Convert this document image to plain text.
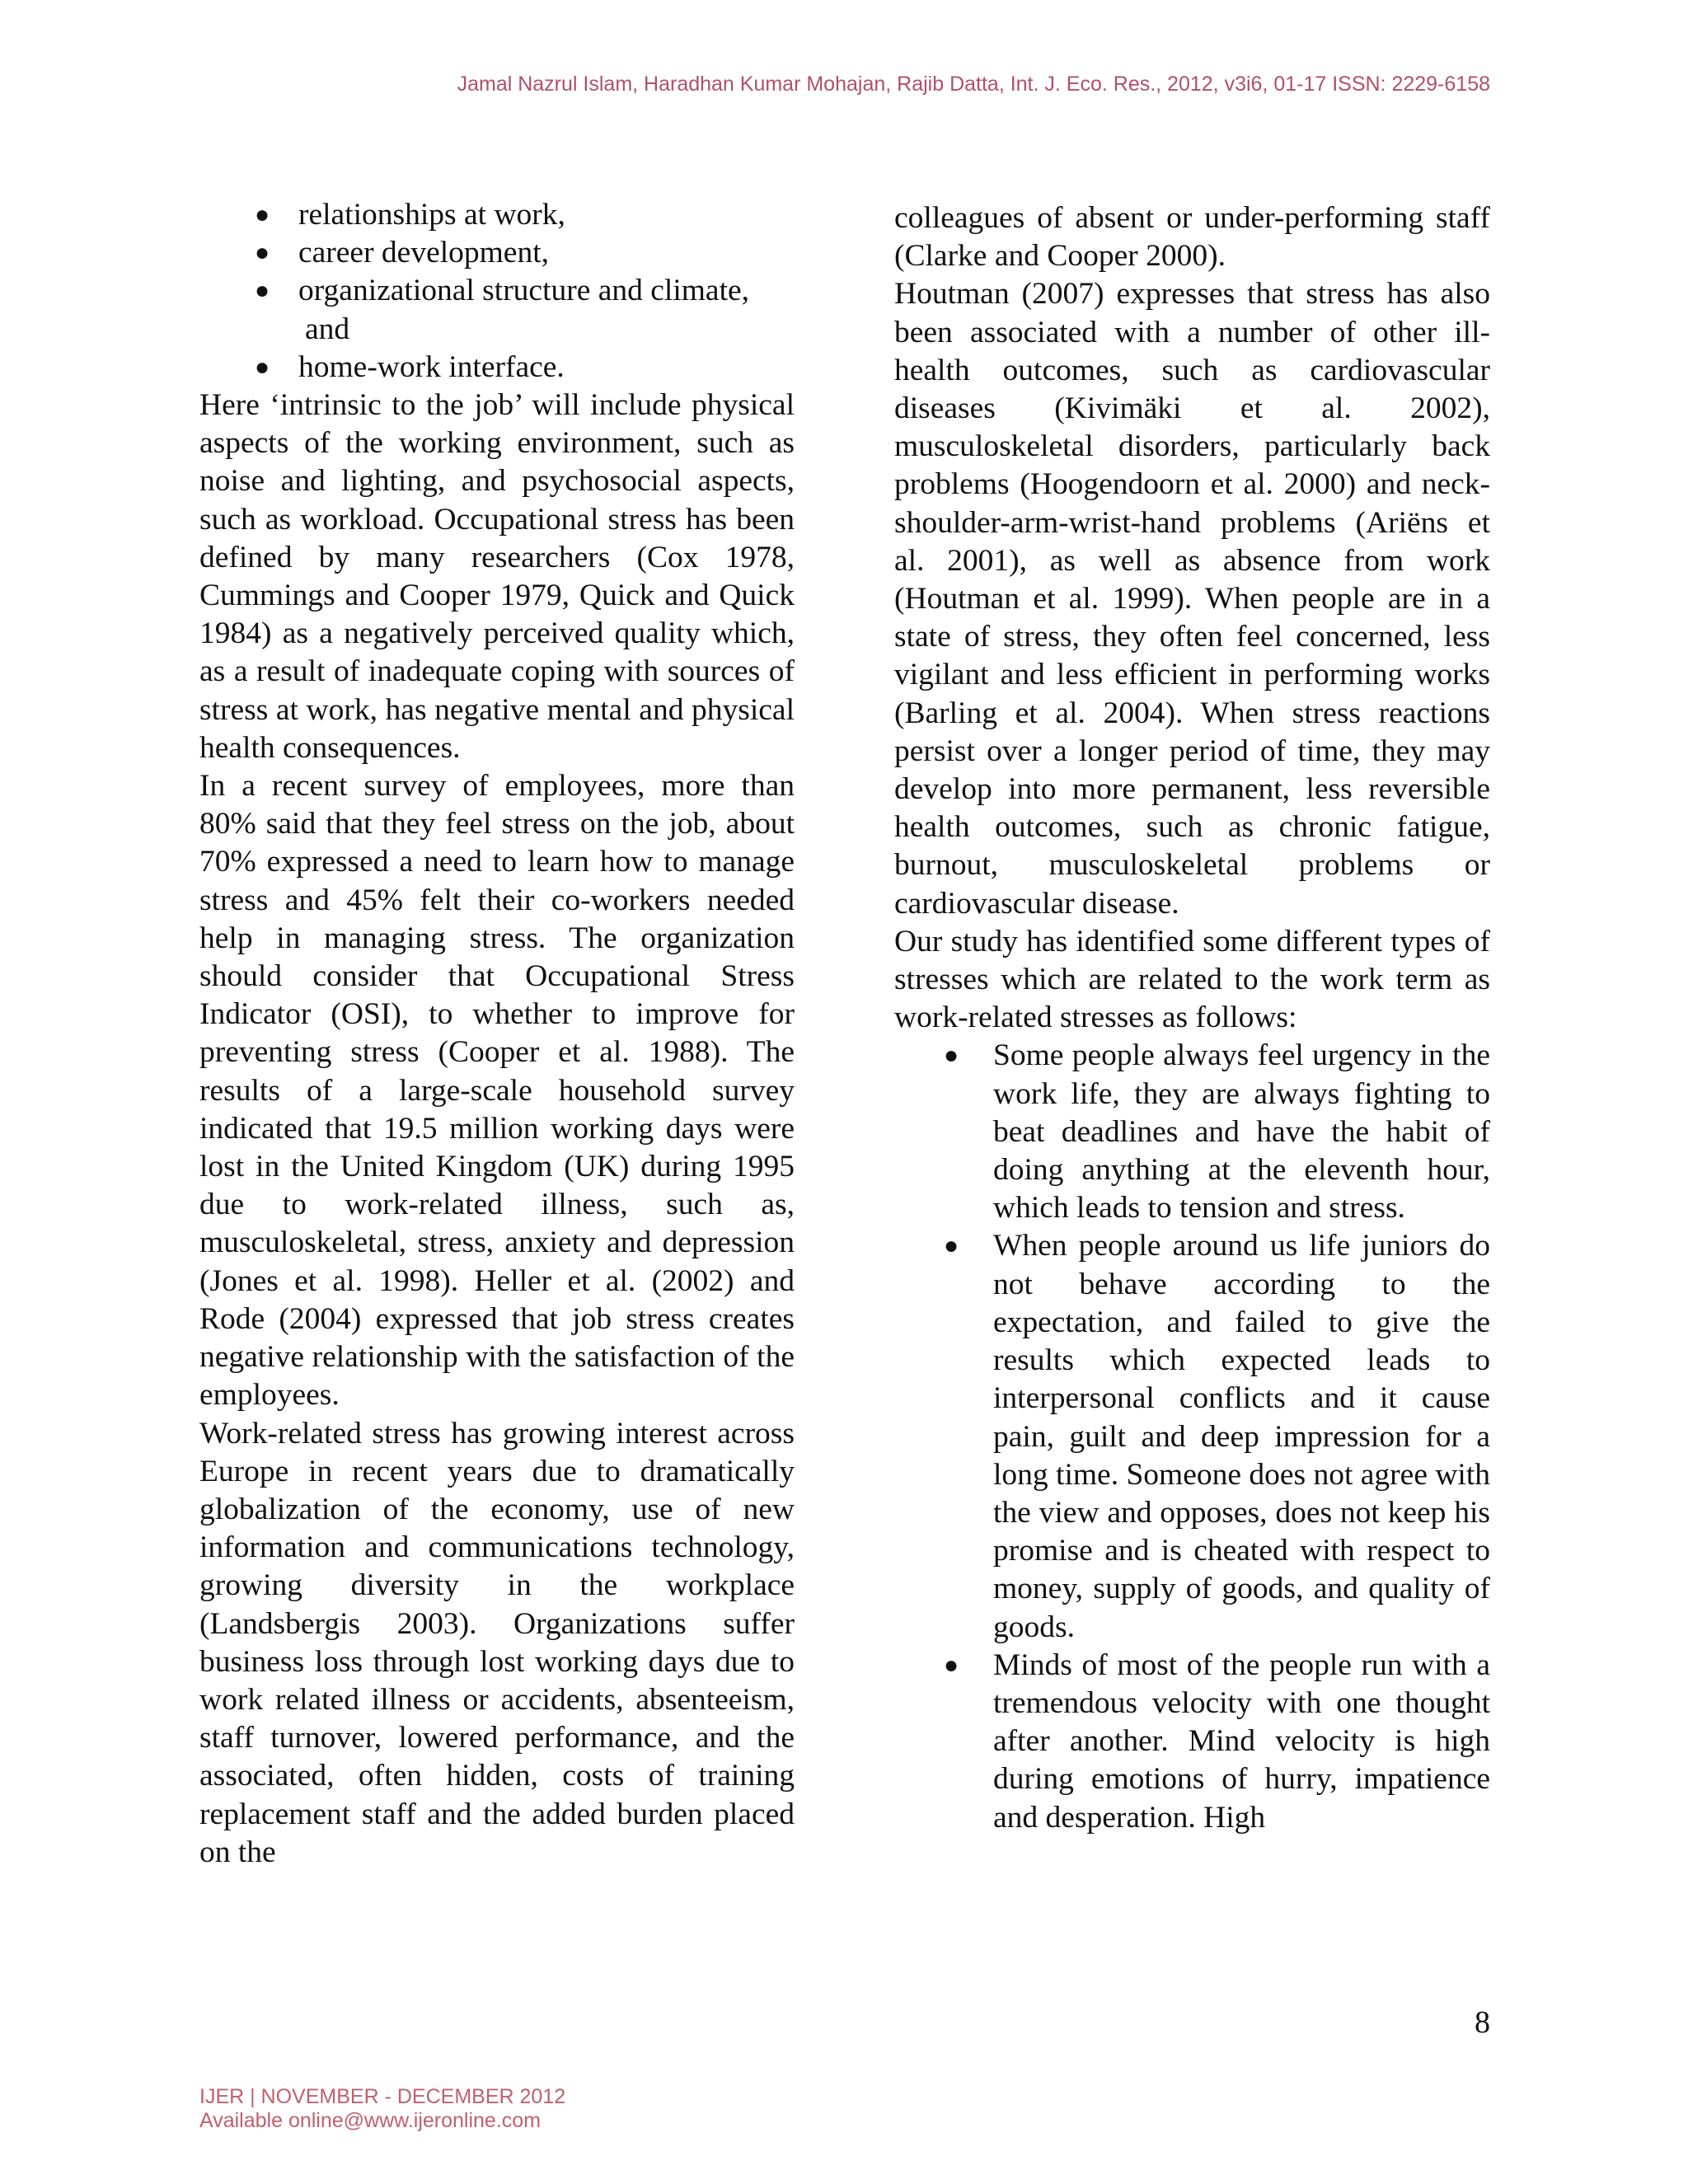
Jamal Nazrul Islam, Haradhan Kumar Mohajan, Rajib Datta, Int. J. Eco. Res., 2012, v3i6, 01-17 ISSN: 2229-6158

● relationships at work,
● career development,
● organizational structure and climate,
and
● home-work interface.

Here ‘intrinsic to the job’ will include physical aspects of the working environment, such as noise and lighting, and psychosocial aspects, such as workload. Occupational stress has been defined by many researchers (Cox 1978, Cummings and Cooper 1979, Quick and Quick 1984) as a negatively perceived quality which, as a result of inadequate coping with sources of stress at work, has negative mental and physical health consequences.

In a recent survey of employees, more than 80% said that they feel stress on the job, about 70% expressed a need to learn how to manage stress and 45% felt their co-workers needed help in managing stress. The organization should consider that Occupational Stress Indicator (OSI), to whether to improve for preventing stress (Cooper et al. 1988). The results of a large-scale household survey indicated that 19.5 million working days were lost in the United Kingdom (UK) during 1995 due to work-related illness, such as, musculoskeletal, stress, anxiety and depression (Jones et al. 1998). Heller et al. (2002) and Rode (2004) expressed that job stress creates negative relationship with the satisfaction of the employees.

Work-related stress has growing interest across Europe in recent years due to dramatically globalization of the economy, use of new information and communications technology, growing diversity in the workplace (Landsbergis 2003). Organizations suffer business loss through lost working days due to work related illness or accidents, absenteeism, staff turnover, lowered performance, and the associated, often hidden, costs of training replacement staff and the added burden placed on the

colleagues of absent or under-performing staff (Clarke and Cooper 2000).

Houtman (2007) expresses that stress has also been associated with a number of other ill-health outcomes, such as cardiovascular diseases (Kivimäki et al. 2002), musculoskeletal disorders, particularly back problems (Hoogendoorn et al. 2000) and neck-shoulder-arm-wrist-hand problems (Ariëns et al. 2001), as well as absence from work (Houtman et al. 1999). When people are in a state of stress, they often feel concerned, less vigilant and less efficient in performing works (Barling et al. 2004). When stress reactions persist over a longer period of time, they may develop into more permanent, less reversible health outcomes, such as chronic fatigue, burnout, musculoskeletal problems or cardiovascular disease.

Our study has identified some different types of stresses which are related to the work term as work-related stresses as follows:

● Some people always feel urgency in the work life, they are always fighting to beat deadlines and have the habit of doing anything at the eleventh hour, which leads to tension and stress.
● When people around us life juniors do not behave according to the expectation, and failed to give the results which expected leads to interpersonal conflicts and it cause pain, guilt and deep impression for a long time. Someone does not agree with the view and opposes, does not keep his promise and is cheated with respect to money, supply of goods, and quality of goods.
● Minds of most of the people run with a tremendous velocity with one thought after another. Mind velocity is high during emotions of hurry, impatience and desperation. High

8

IJER | NOVEMBER - DECEMBER 2012
Available online@www.ijeronline.com
